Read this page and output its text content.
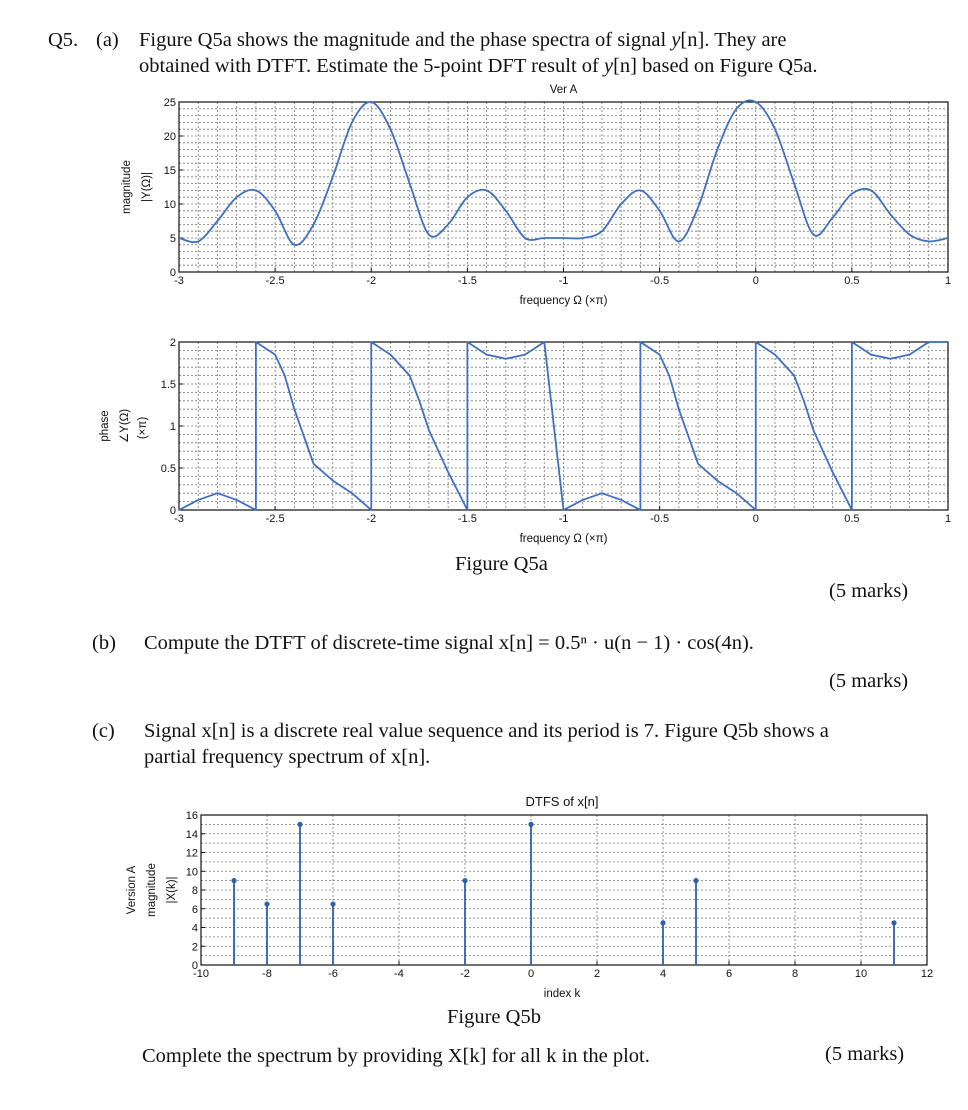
Q5. (a) Figure Q5a shows the magnitude and the phase spectra of signal y[n]. They are
obtained with DTFT. Estimate the 5-point DFT result of y[n] based on Figure Q5a.
-3	-2.5	-2	-1.5	-1	-0.5	0	0.5	1
0
5
10
15
20
25
Ver A
frequency Ω (×π)
magnitude |Y(Ω)|
-3	-2.5	-2	-1.5	-1	-0.5	0	0.5	1
0
0.5
1
1.5
2
frequency Ω (×π)
phase ∠Y(Ω) (×π)
Figure Q5a
(5 marks)
(b) Compute the DTFT of discrete-time signal x[n] = 0.5ⁿ · u(n − 1) · cos(4n).
(5 marks)
(c) Signal x[n] is a discrete real value sequence and its period is 7. Figure Q5b shows a
partial frequency spectrum of x[n].
-10	-8	-6	-4	-2	0	2	4	6	8	10	12
0
2
4
6
8
10
12
14
16
DTFS of x[n]
index k
Version A magnitude |X(k)|
Figure Q5b
Complete the spectrum by providing X[k] for all k in the plot.	(5 marks)
